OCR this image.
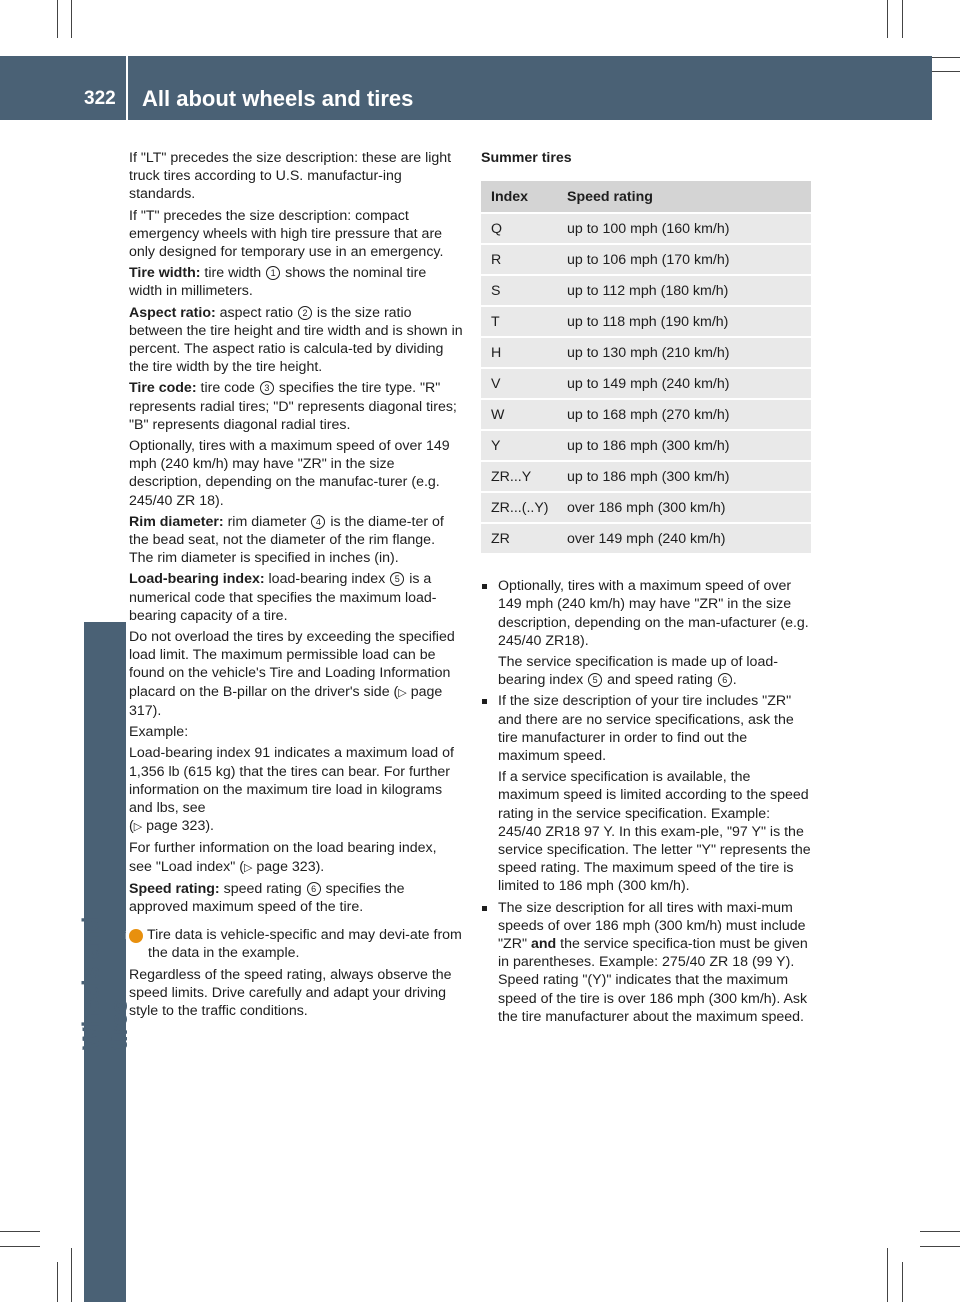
322 All about wheels and tires
Wheels and tires

If "LT" precedes the size description: these are light truck tires according to U.S. manufactur-ing standards.

If "T" precedes the size description: compact emergency wheels with high tire pressure that are only designed for temporary use in an emergency.

Tire width: tire width 1 shows the nominal tire width in millimeters.

Aspect ratio: aspect ratio 2 is the size ratio between the tire height and tire width and is shown in percent. The aspect ratio is calcula-ted by dividing the tire width by the tire height.

Tire code: tire code 3 specifies the tire type. "R" represents radial tires; "D" represents diagonal tires; "B" represents diagonal radial tires.

Optionally, tires with a maximum speed of over 149 mph (240 km/h) may have "ZR" in the size description, depending on the manufac-turer (e.g. 245/40 ZR 18).

Rim diameter: rim diameter 4 is the diame-ter of the bead seat, not the diameter of the rim flange. The rim diameter is specified in inches (in).

Load-bearing index: load-bearing index 5 is a numerical code that specifies the maximum load-bearing capacity of a tire.

Do not overload the tires by exceeding the specified load limit. The maximum permissible load can be found on the vehicle's Tire and Loading Information placard on the B-pillar on the driver's side (▷ page 317).

Example:

Load-bearing index 91 indicates a maximum load of 1,356 lb (615 kg) that the tires can bear. For further information on the maximum tire load in kilograms and lbs, see
(▷ page 323).

For further information on the load bearing index, see "Load index" (▷ page 323).

Speed rating: speed rating 6 specifies the approved maximum speed of the tire.

i Tire data is vehicle-specific and may devi-ate from the data in the example.

Regardless of the speed rating, always observe the speed limits. Drive carefully and adapt your driving style to the traffic conditions.

Summer tires

Index	Speed rating
Q	up to 100 mph (160 km/h)
R	up to 106 mph (170 km/h)
S	up to 112 mph (180 km/h)
T	up to 118 mph (190 km/h)
H	up to 130 mph (210 km/h)
V	up to 149 mph (240 km/h)
W	up to 168 mph (270 km/h)
Y	up to 186 mph (300 km/h)
ZR...Y	up to 186 mph (300 km/h)
ZR...(..Y)	over 186 mph (300 km/h)
ZR	over 149 mph (240 km/h)

Optionally, tires with a maximum speed of over 149 mph (240 km/h) may have "ZR" in the size description, depending on the man-ufacturer (e.g. 245/40 ZR18).

The service specification is made up of load-bearing index 5 and speed rating 6 .

If the size description of your tire includes "ZR" and there are no service specifications, ask the tire manufacturer in order to find out the maximum speed.

If a service specification is available, the maximum speed is limited according to the speed rating in the service specification. Example: 245/40 ZR18 97 Y. In this exam-ple, "97 Y" is the service specification. The letter "Y" represents the speed rating. The maximum speed of the tire is limited to 186 mph (300 km/h).

The size description for all tires with maxi-mum speeds of over 186 mph (300 km/h) must include "ZR" and the service specifica-tion must be given in parentheses. Example: 275/40 ZR 18 (99 Y). Speed rating "(Y)" indicates that the maximum speed of the tire is over 186 mph (300 km/h). Ask the tire manufacturer about the maximum speed.
